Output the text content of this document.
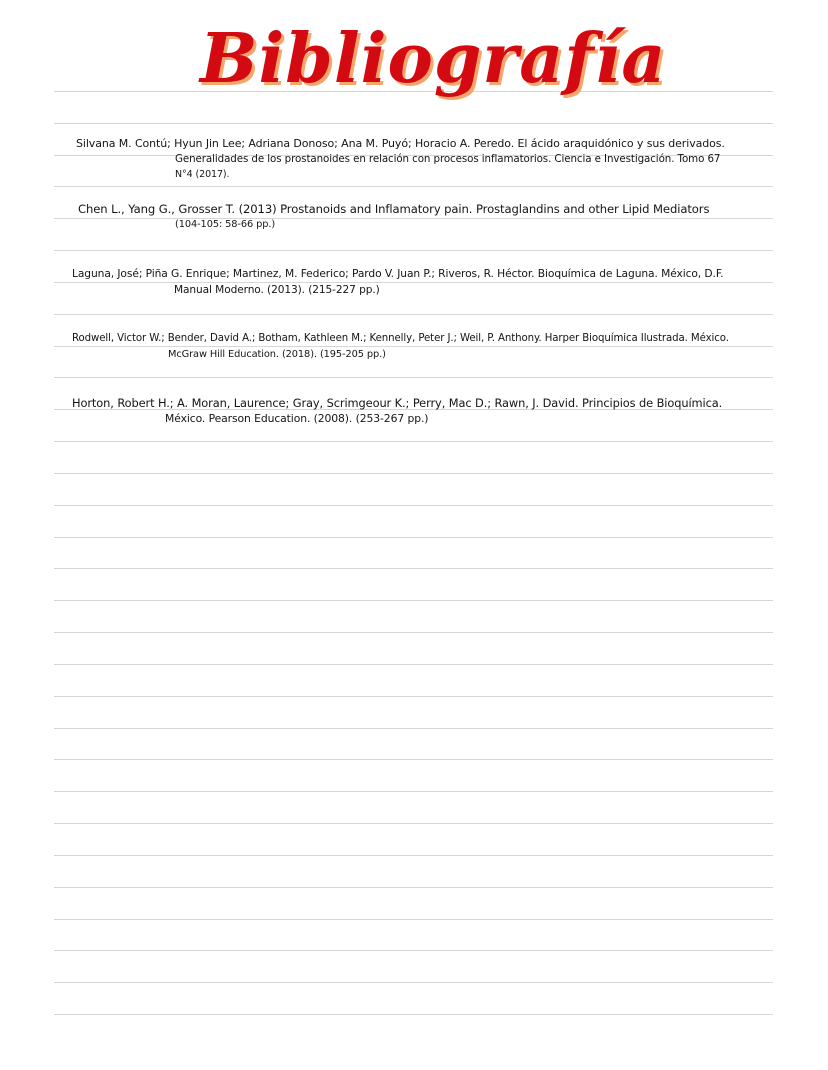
Bibliografía
Silvana M. Contú; Hyun Jin Lee; Adriana Donoso; Ana M. Puyó; Horacio A. Peredo. El ácido araquidónico y sus derivados.
Generalidades de los prostanoides en relación con procesos inflamatorios. Ciencia e Investigación. Tomo 67
N°4 (2017).
Chen L., Yang G., Grosser T. (2013) Prostanoids and Inflamatory pain. Prostaglandins and other Lipid Mediators
(104-105: 58-66 pp.)
Laguna, José; Piña G. Enrique; Martinez, M. Federico; Pardo V. Juan P.; Riveros, R. Héctor. Bioquímica de Laguna. México, D.F.
Manual Moderno. (2013). (215-227 pp.)
Rodwell, Victor W.; Bender, David A.; Botham, Kathleen M.; Kennelly, Peter J.; Weil, P. Anthony. Harper Bioquímica Ilustrada. México.
McGraw Hill Education. (2018). (195-205 pp.)
Horton, Robert H.; A. Moran, Laurence; Gray, Scrimgeour K.; Perry, Mac D.; Rawn, J. David. Principios de Bioquímica.
México. Pearson Education. (2008). (253-267 pp.)
